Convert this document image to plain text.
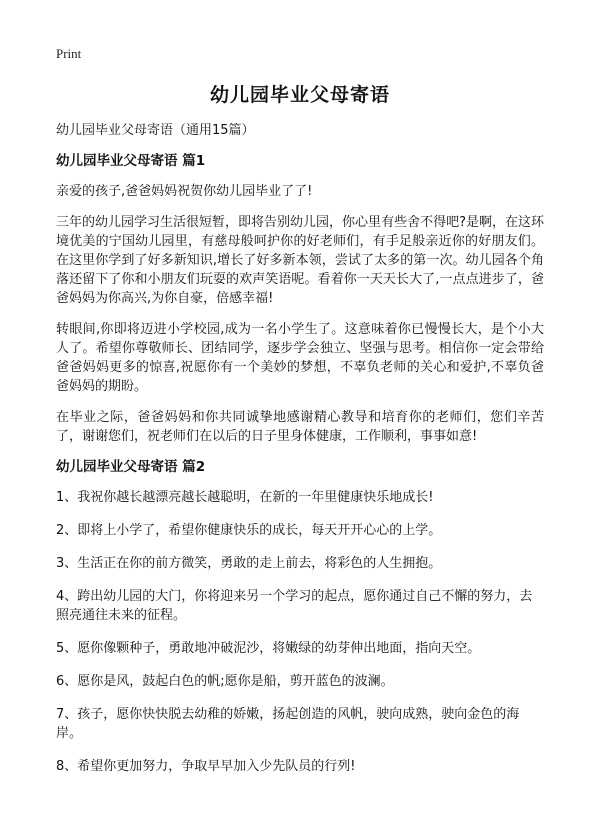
Print
幼儿园毕业父母寄语

幼儿园毕业父母寄语（通用15篇）

幼儿园毕业父母寄语 篇1

亲爱的孩子,爸爸妈妈祝贺你幼儿园毕业了了!

三年的幼儿园学习生活很短暂，即将告别幼儿园，你心里有些舍不得吧?是啊，在这环境优美的宁国幼儿园里，有慈母般呵护你的好老师们，有手足般亲近你的好朋友们。在这里你学到了好多新知识,增长了好多新本领，尝试了太多的第一次。幼儿园各个角落还留下了你和小朋友们玩耍的欢声笑语呢。看着你一天天长大了,一点点进步了，爸爸妈妈为你高兴,为你自豪，倍感幸福!

转眼间,你即将迈进小学校园,成为一名小学生了。这意味着你已慢慢长大，是个小大人了。希望你尊敬师长、团结同学，逐步学会独立、坚强与思考。相信你一定会带给爸爸妈妈更多的惊喜,祝愿你有一个美妙的梦想，不辜负老师的关心和爱护,不辜负爸爸妈妈的期盼。

在毕业之际，爸爸妈妈和你共同诚挚地感谢精心教导和培育你的老师们，您们辛苦了，谢谢您们，祝老师们在以后的日子里身体健康，工作顺利，事事如意!

幼儿园毕业父母寄语 篇2

1、我祝你越长越漂亮越长越聪明，在新的一年里健康快乐地成长!

2、即将上小学了，希望你健康快乐的成长，每天开开心心的上学。

3、生活正在你的前方微笑，勇敢的走上前去，将彩色的人生拥抱。

4、跨出幼儿园的大门，你将迎来另一个学习的起点，愿你通过自己不懈的努力，去照亮通往未来的征程。

5、愿你像颗种子，勇敢地冲破泥沙，将嫩绿的幼芽伸出地面，指向天空。

6、愿你是风，鼓起白色的帆;愿你是船，剪开蓝色的波澜。

7、孩子，愿你快快脱去幼稚的娇嫩，扬起创造的风帆，驶向成熟，驶向金色的海岸。

8、希望你更加努力，争取早早加入少先队员的行列!
